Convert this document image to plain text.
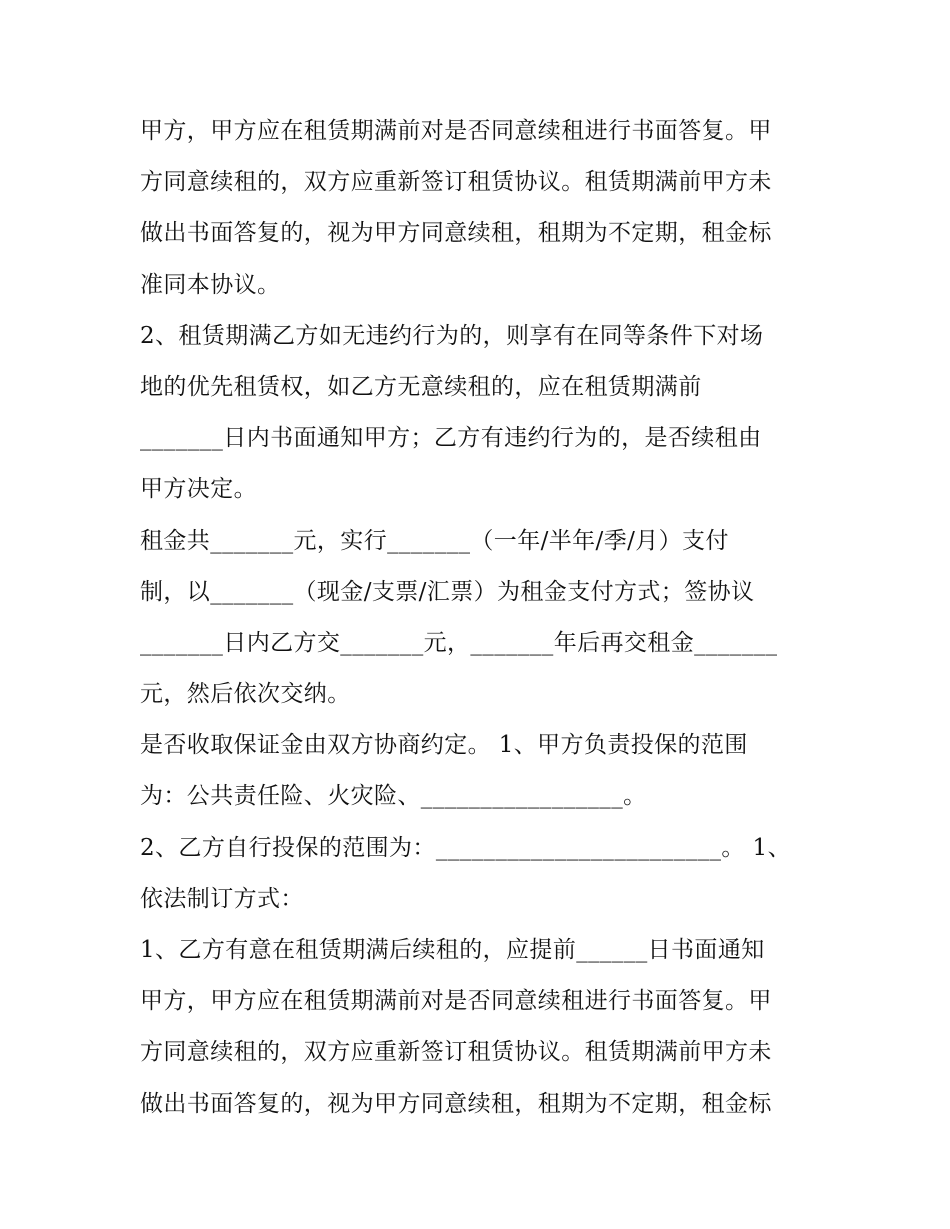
甲方，甲方应在租赁期满前对是否同意续租进行书面答复。甲
方同意续租的，双方应重新签订租赁协议。租赁期满前甲方未
做出书面答复的，视为甲方同意续租，租期为不定期，租金标
准同本协议。
2、租赁期满乙方如无违约行为的，则享有在同等条件下对场
地的优先租赁权，如乙方无意续租的，应在租赁期满前
_______日内书面通知甲方；乙方有违约行为的，是否续租由
甲方决定。
租金共_______元，实行_______（一年/半年/季/月）支付
制，以_______（现金/支票/汇票）为租金支付方式；签协议
_______日内乙方交_______元，_______年后再交租金_______
元，然后依次交纳。
是否收取保证金由双方协商约定。 1、甲方负责投保的范围
为：公共责任险、火灾险、_________________。
2、乙方自行投保的范围为：________________________。 1、
依法制订方式：
1、乙方有意在租赁期满后续租的，应提前______日书面通知
甲方，甲方应在租赁期满前对是否同意续租进行书面答复。甲
方同意续租的，双方应重新签订租赁协议。租赁期满前甲方未
做出书面答复的，视为甲方同意续租，租期为不定期，租金标
